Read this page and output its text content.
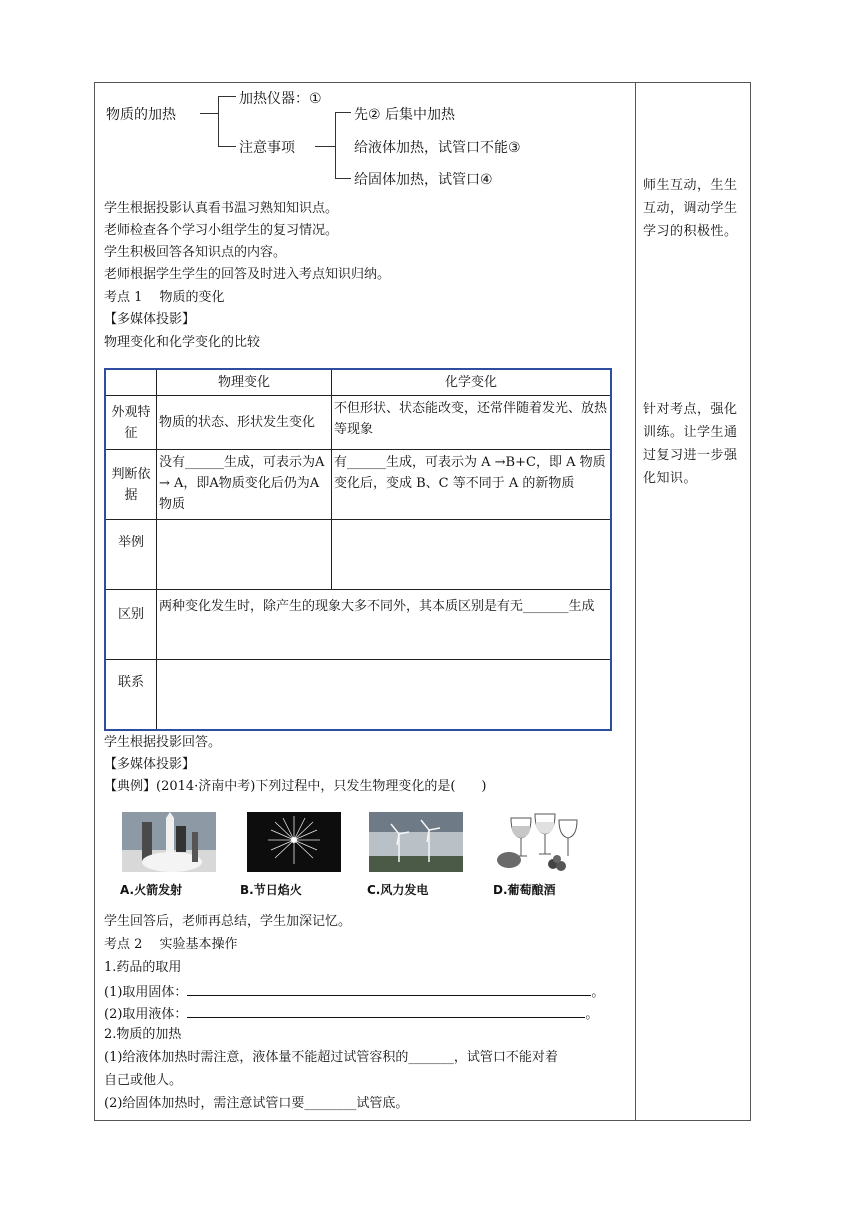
物质的加热
加热仪器：①
注意事项
先② 后集中加热
给液体加热，试管口不能③
给固体加热，试管口④
学生根据投影认真看书温习熟知知识点。
老师检查各个学习小组学生的复习情况。
学生积极回答各知识点的内容。
老师根据学生学生的回答及时进入考点知识归纳。
考点 1　 物质的变化
【多媒体投影】
物理变化和化学变化的比较
	物理变化	化学变化
外观特征	物质的状态、形状发生变化	不但形状、状态能改变，还常伴随着发光、放热等现象
判断依据	没有______生成，可表示为A → A，即A物质变化后仍为A物质	有______生成，可表示为 A →B+C，即 A 物质变化后，变成 B、C 等不同于 A 的新物质
举例		
区别	两种变化发生时，除产生的现象大多不同外，其本质区别是有无_______生成	
联系		
学生根据投影回答。
【多媒体投影】
【典例】(2014·济南中考)下列过程中，只发生物理变化的是(　　)
A.火箭发射	B.节日焰火	C.风力发电	D.葡萄酿酒
学生回答后，老师再总结，学生加深记忆。
考点 2　 实验基本操作
1.药品的取用
(1)取用固体：	。
(2)取用液体：	。
2.物质的加热
(1)给液体加热时需注意，液体量不能超过试管容积的_______，试管口不能对着
自己或他人。
(2)给固体加热时，需注意试管口要________试管底。
师生互动，生生互动，调动学生学习的积极性。
针对考点，强化训练。让学生通过复习进一步强化知识。
